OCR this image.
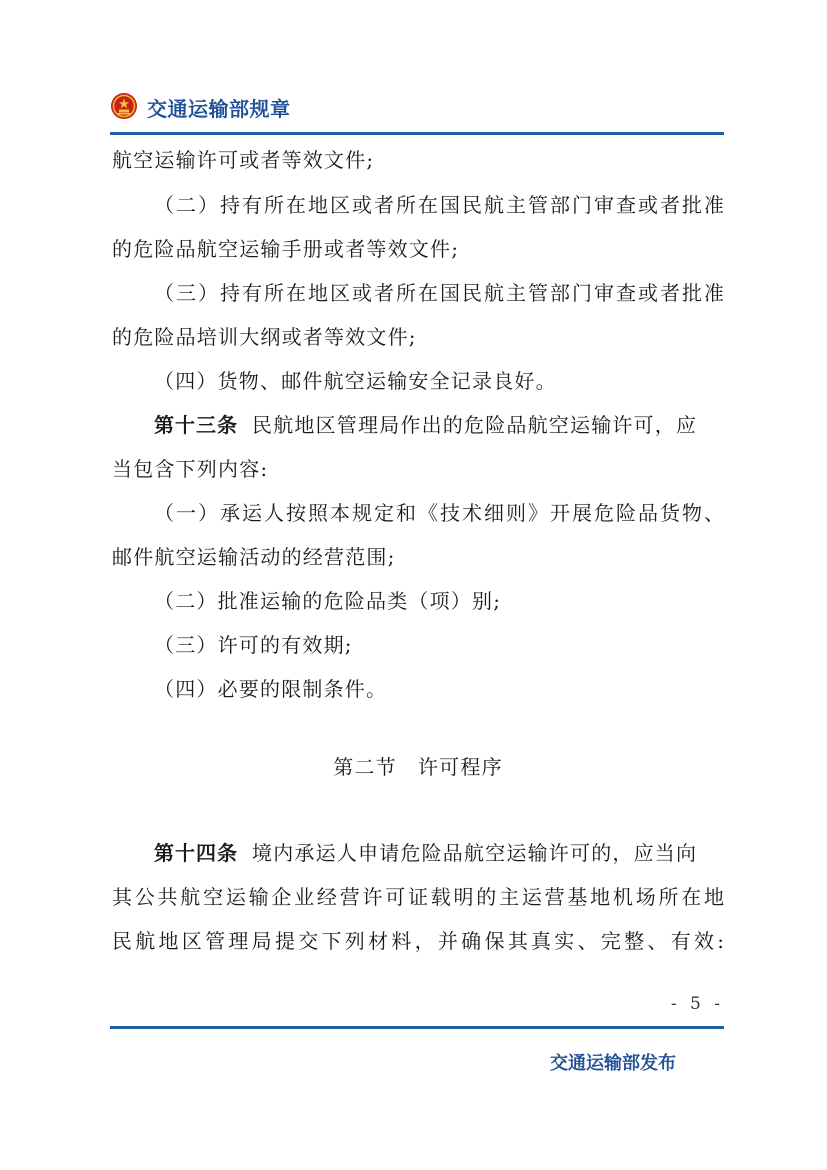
交通运输部规章
航空运输许可或者等效文件;
（二）持有所在地区或者所在国民航主管部门审查或者批准
的危险品航空运输手册或者等效文件;
（三）持有所在地区或者所在国民航主管部门审查或者批准
的危险品培训大纲或者等效文件;
（四）货物、邮件航空运输安全记录良好。
第十三条 民航地区管理局作出的危险品航空运输许可，应
当包含下列内容:
（一）承运人按照本规定和《技术细则》开展危险品货物、
邮件航空运输活动的经营范围;
（二）批准运输的危险品类（项）别;
（三）许可的有效期;
（四）必要的限制条件。
第二节　许可程序
第十四条 境内承运人申请危险品航空运输许可的，应当向
其公共航空运输企业经营许可证载明的主运营基地机场所在地
民航地区管理局提交下列材料，并确保其真实、完整、有效:
- 5 -
交通运输部发布
